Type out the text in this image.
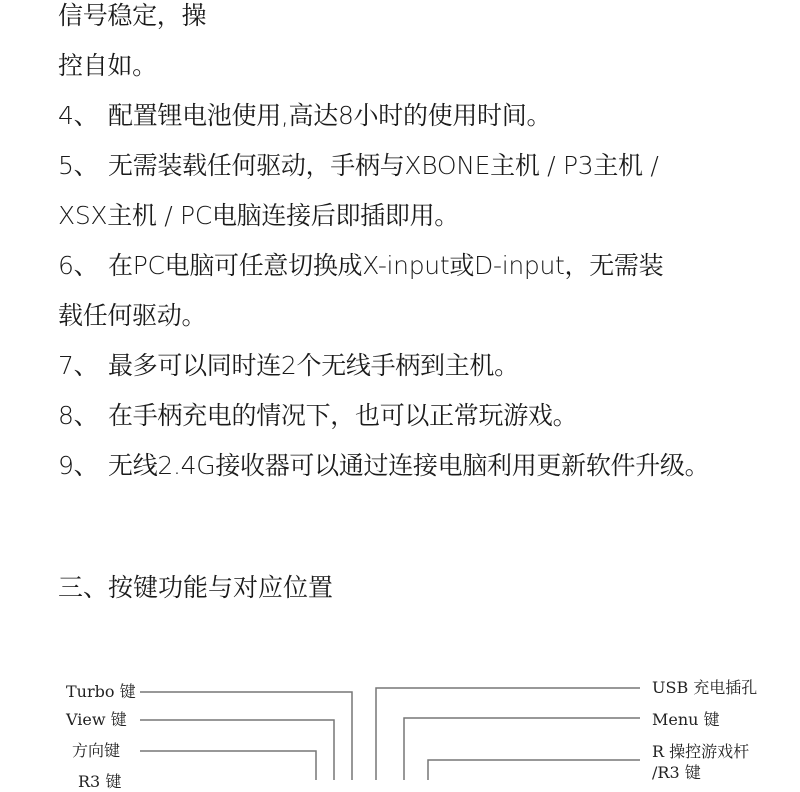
信号稳定，操
控自如。
4、 配置锂电池使用,高达8小时的使用时间。
5、 无需装载任何驱动，手柄与XBONE主机 / P3主机 /
XSX主机 / PC电脑连接后即插即用。
6、 在PC电脑可任意切换成X-input或D-input，无需装
载任何驱动。
7、 最多可以同时连2个无线手柄到主机。
8、 在手柄充电的情况下，也可以正常玩游戏。
9、 无线2.4G接收器可以通过连接电脑利用更新软件升级。
三、按键功能与对应位置
Turbo 键
View 键
方向键
R3 键
USB 充电插孔
Menu 键
R 操控游戏杆
/R3 键
